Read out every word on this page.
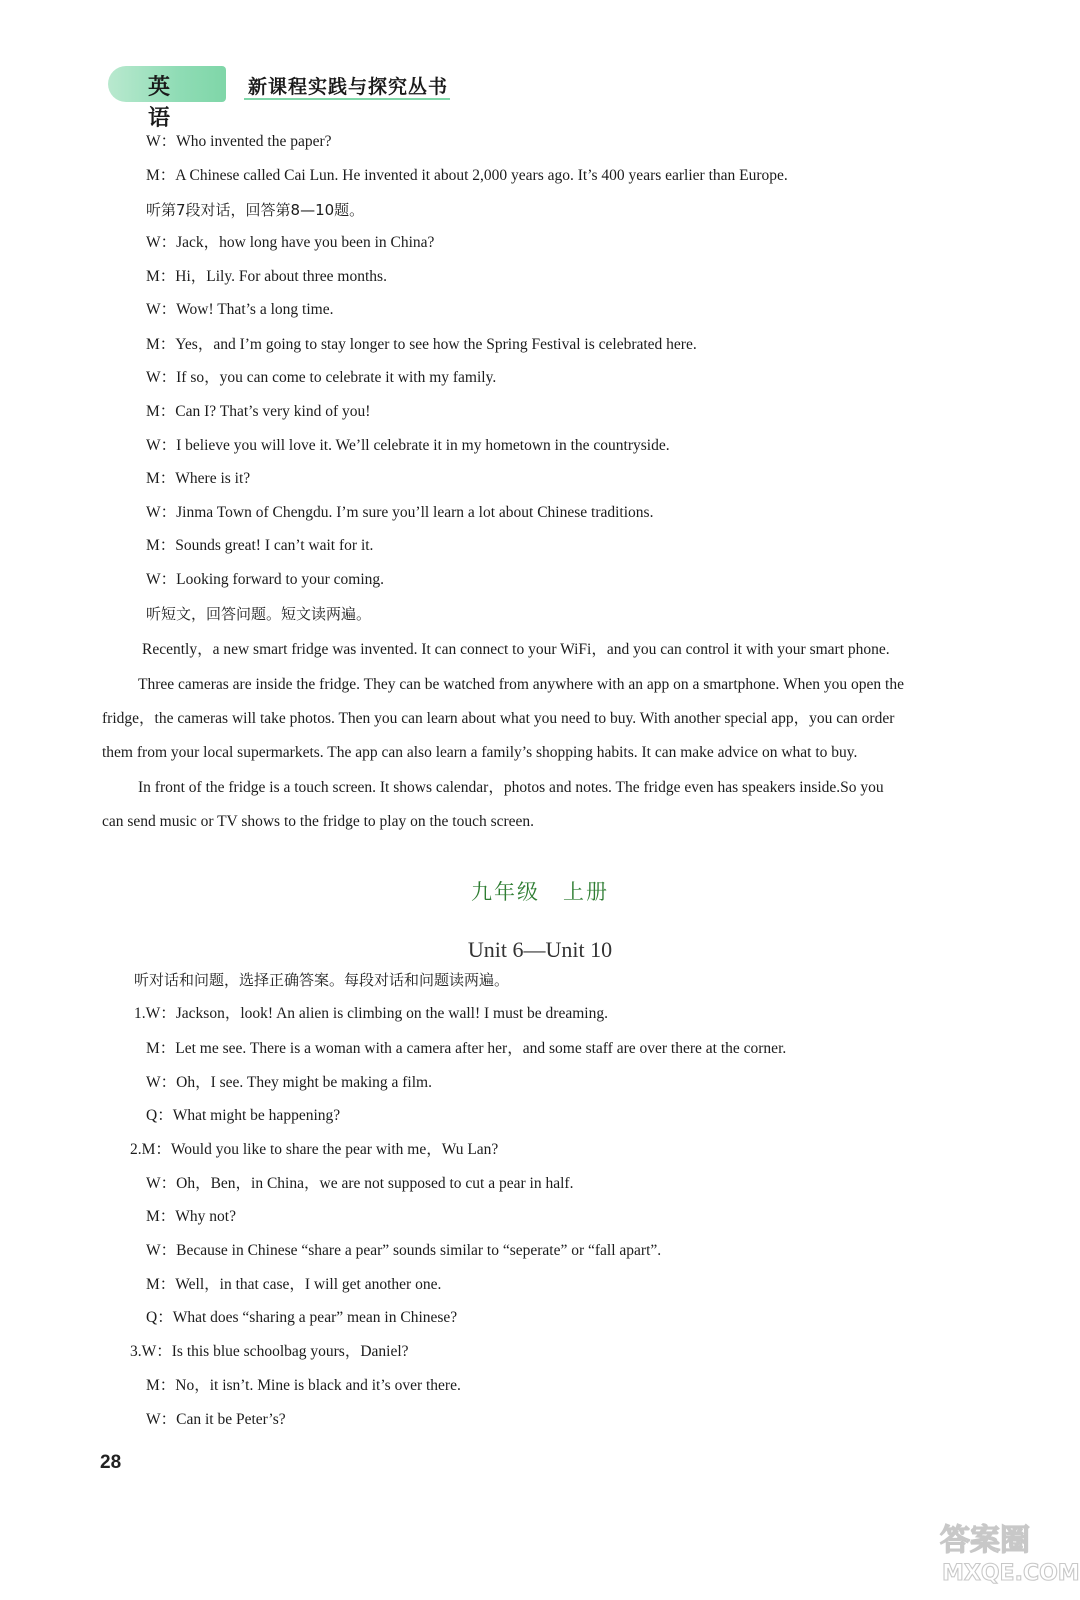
英语
新课程实践与探究丛书
W：Who invented the paper?
M：A Chinese called Cai Lun. He invented it about 2,000 years ago. It’s 400 years earlier than Europe.
听第7段对话，回答第8—10题。
W：Jack，how long have you been in China?
M：Hi，Lily. For about three months.
W：Wow! That’s a long time.
M：Yes，and I’m going to stay longer to see how the Spring Festival is celebrated here.
W：If so，you can come to celebrate it with my family.
M：Can I? That’s very kind of you!
W：I believe you will love it. We’ll celebrate it in my hometown in the countryside.
M：Where is it?
W：Jinma Town of Chengdu. I’m sure you’ll learn a lot about Chinese traditions.
M：Sounds great! I can’t wait for it.
W：Looking forward to your coming.
听短文，回答问题。短文读两遍。
Recently，a new smart fridge was invented. It can connect to your WiFi，and you can control it with your smart phone.
Three cameras are inside the fridge. They can be watched from anywhere with an app on a smartphone. When you open the
fridge，the cameras will take photos. Then you can learn about what you need to buy. With another special app，you can order
them from your local supermarkets. The app can also learn a family’s shopping habits. It can make advice on what to buy.
In front of the fridge is a touch screen. It shows calendar，photos and notes. The fridge even has speakers inside.So you
can send music or TV shows to the fridge to play on the touch screen.
九年级　上册
Unit 6—Unit 10
听对话和问题，选择正确答案。每段对话和问题读两遍。
1.W：Jackson，look! An alien is climbing on the wall! I must be dreaming.
M：Let me see. There is a woman with a camera after her，and some staff are over there at the corner.
W：Oh，I see. They might be making a film.
Q：What might be happening?
2.M：Would you like to share the pear with me，Wu Lan?
W：Oh，Ben，in China，we are not supposed to cut a pear in half.
M：Why not?
W：Because in Chinese “share a pear” sounds similar to “seperate” or “fall apart”.
M：Well，in that case，I will get another one.
Q：What does “sharing a pear” mean in Chinese?
3.W：Is this blue schoolbag yours，Daniel?
M：No，it isn’t. Mine is black and it’s over there.
W：Can it be Peter’s?
28
答案圈
MXQE.COM
